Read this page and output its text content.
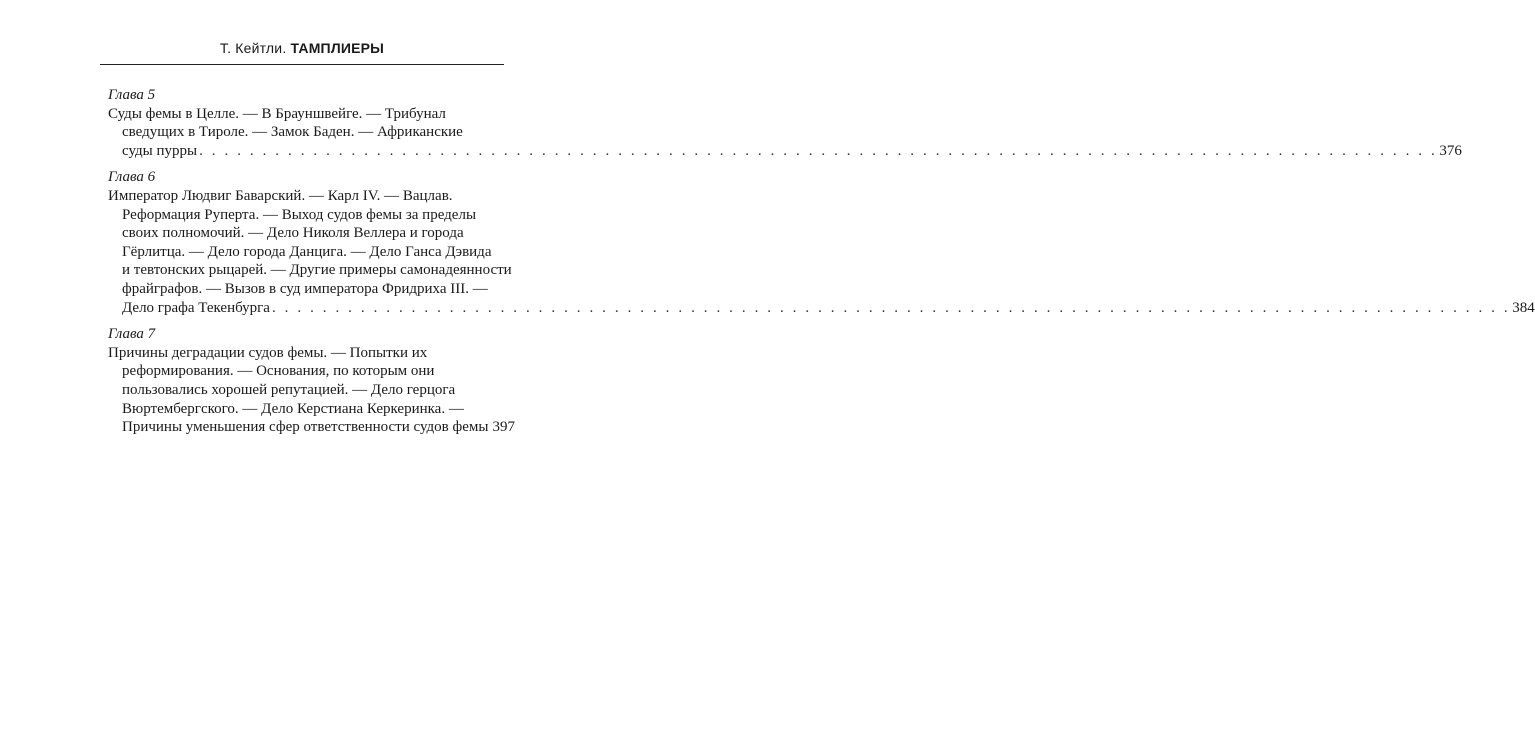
Т. Кейтли. ТАМПЛИЕРЫ
Глава 5
Суды фемы в Целле. — В Брауншвейге. — Трибунал
сведущих в Тироле. — Замок Баден. — Африканские
суды пурры . . . . . . . . . . . . . . . . . . . . . . . . . . . . . . . . . . . . . . . . . . . . . . . . . . . . . . . . . . . . . . . . . . . . . . . . . . . . . . . . . . . . . . . . . . . . . . . . . . 376
Глава 6
Император Людвиг Баварский. — Карл IV. — Вацлав.
Реформация Руперта. — Выход судов фемы за пределы
своих полномочий. — Дело Николя Веллера и города
Гёрлитца. — Дело города Данцига. — Дело Ганса Дэвида
и тевтонских рыцарей. — Другие примеры самонадеянности
фрайграфов. — Вызов в суд императора Фридриха III. —
Дело графа Текенбурга . . . . . . . . . . . . . . . . . . . . . . . . . . . . . . . . . . . . . . . . . . . . . . . . . . . . . . . . . . . . . . . . . . . . . . . . . . . . . . . . . . . . . . . . . . . . . . . . . . 384
Глава 7
Причины деградации судов фемы. — Попытки их
реформирования. — Основания, по которым они
пользовались хорошей репутацией. — Дело герцога
Вюртембергского. — Дело Керстиана Керкеринка. —
Причины уменьшения сфер ответственности судов фемы 397
